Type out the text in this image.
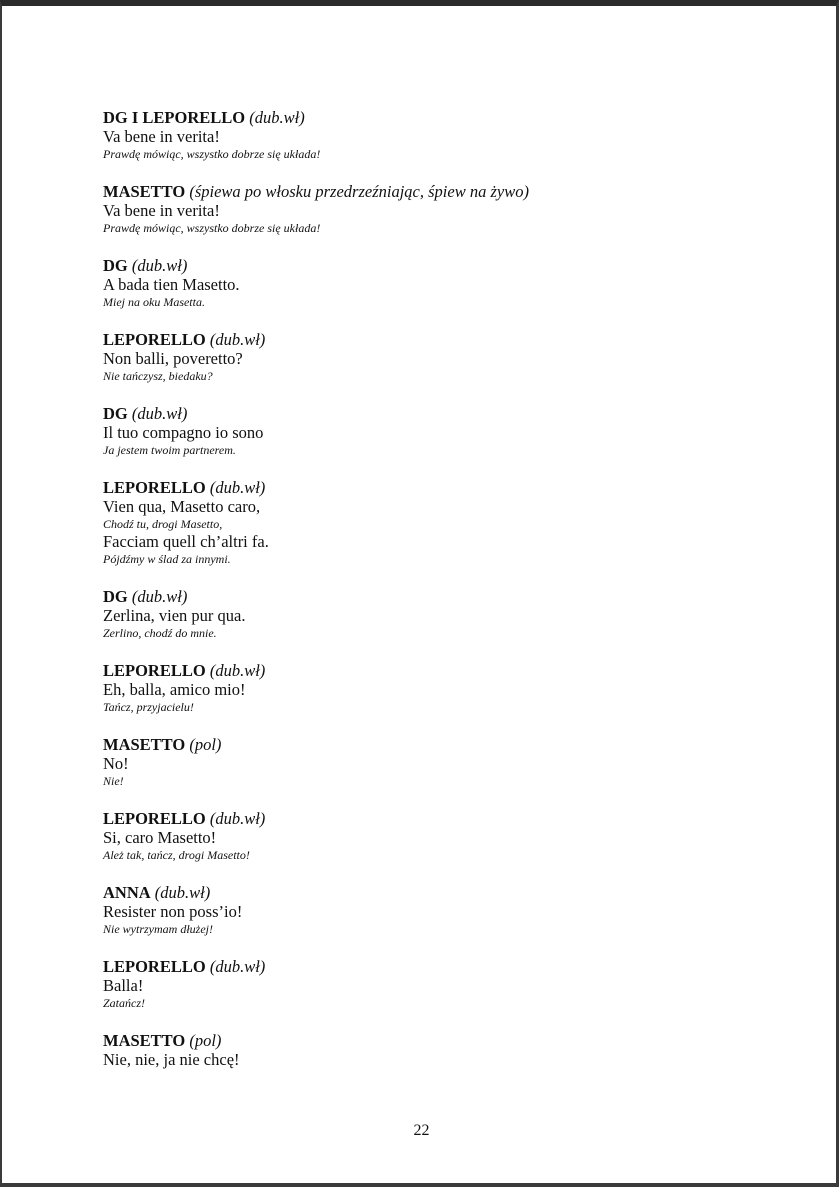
DG I LEPORELLO (dub.wł)
Va bene in verita!
Prawdę mówiąc, wszystko dobrze się układa!
MASETTO (śpiewa po włosku przedrzeźniając, śpiew na żywo)
Va bene in verita!
Prawdę mówiąc, wszystko dobrze się układa!
DG (dub.wł)
A bada tien Masetto.
Miej na oku Masetta.
LEPORELLO (dub.wł)
Non balli, poveretto?
Nie tańczysz, biedaku?
DG (dub.wł)
Il tuo compagno io sono
Ja jestem twoim partnerem.
LEPORELLO (dub.wł)
Vien qua, Masetto caro,
Chodź tu, drogi Masetto,
Facciam quell ch’altri fa.
Pójdźmy w ślad za innymi.
DG (dub.wł)
Zerlina, vien pur qua.
Zerlino, chodź do mnie.
LEPORELLO (dub.wł)
Eh, balla, amico mio!
Tańcz, przyjacielu!
MASETTO (pol)
No!
Nie!
LEPORELLO (dub.wł)
Si, caro Masetto!
Ależ tak, tańcz, drogi Masetto!
ANNA (dub.wł)
Resister non poss’io!
Nie wytrzymam dłużej!
LEPORELLO (dub.wł)
Balla!
Zatańcz!
MASETTO (pol)
Nie, nie, ja nie chcę!
22
